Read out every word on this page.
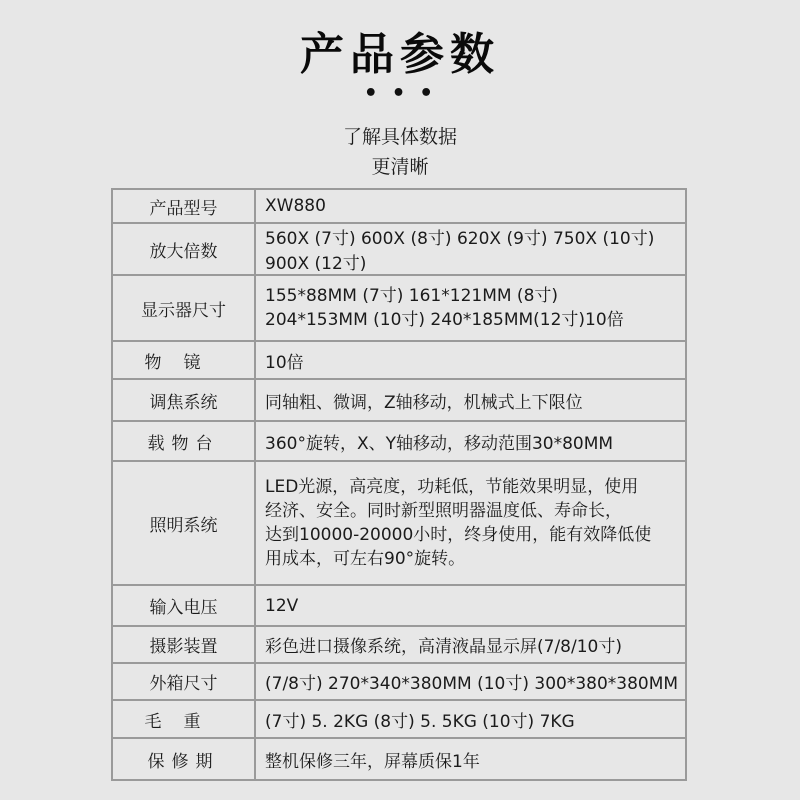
产品参数
• • •
了解具体数据
更清晰
产品型号	XW880
放大倍数	560X (7寸) 600X (8寸) 620X (9寸) 750X (10寸) 900X (12寸)
显示器尺寸	155*88MM (7寸) 161*121MM (8寸)
204*153MM (10寸) 240*185MM(12寸)10倍

物镜	10倍
调焦系统	同轴粗、微调，Z轴移动，机械式上下限位
载物台	360°旋转，X、Y轴移动，移动范围30*80MM
照明系统	LED光源，高亮度，功耗低，节能效果明显，使用
经济、安全。同时新型照明器温度低、寿命长，
达到10000-20000小时，终身使用，能有效降低使
用成本，可左右90°旋转。

输入电压	12V
摄影装置	彩色进口摄像系统，高清液晶显示屏(7/8/10寸)
外箱尺寸	(7/8寸) 270*340*380MM (10寸) 300*380*380MM
毛重	(7寸) 5. 2KG (8寸) 5. 5KG (10寸) 7KG
保修期	整机保修三年，屏幕质保1年
